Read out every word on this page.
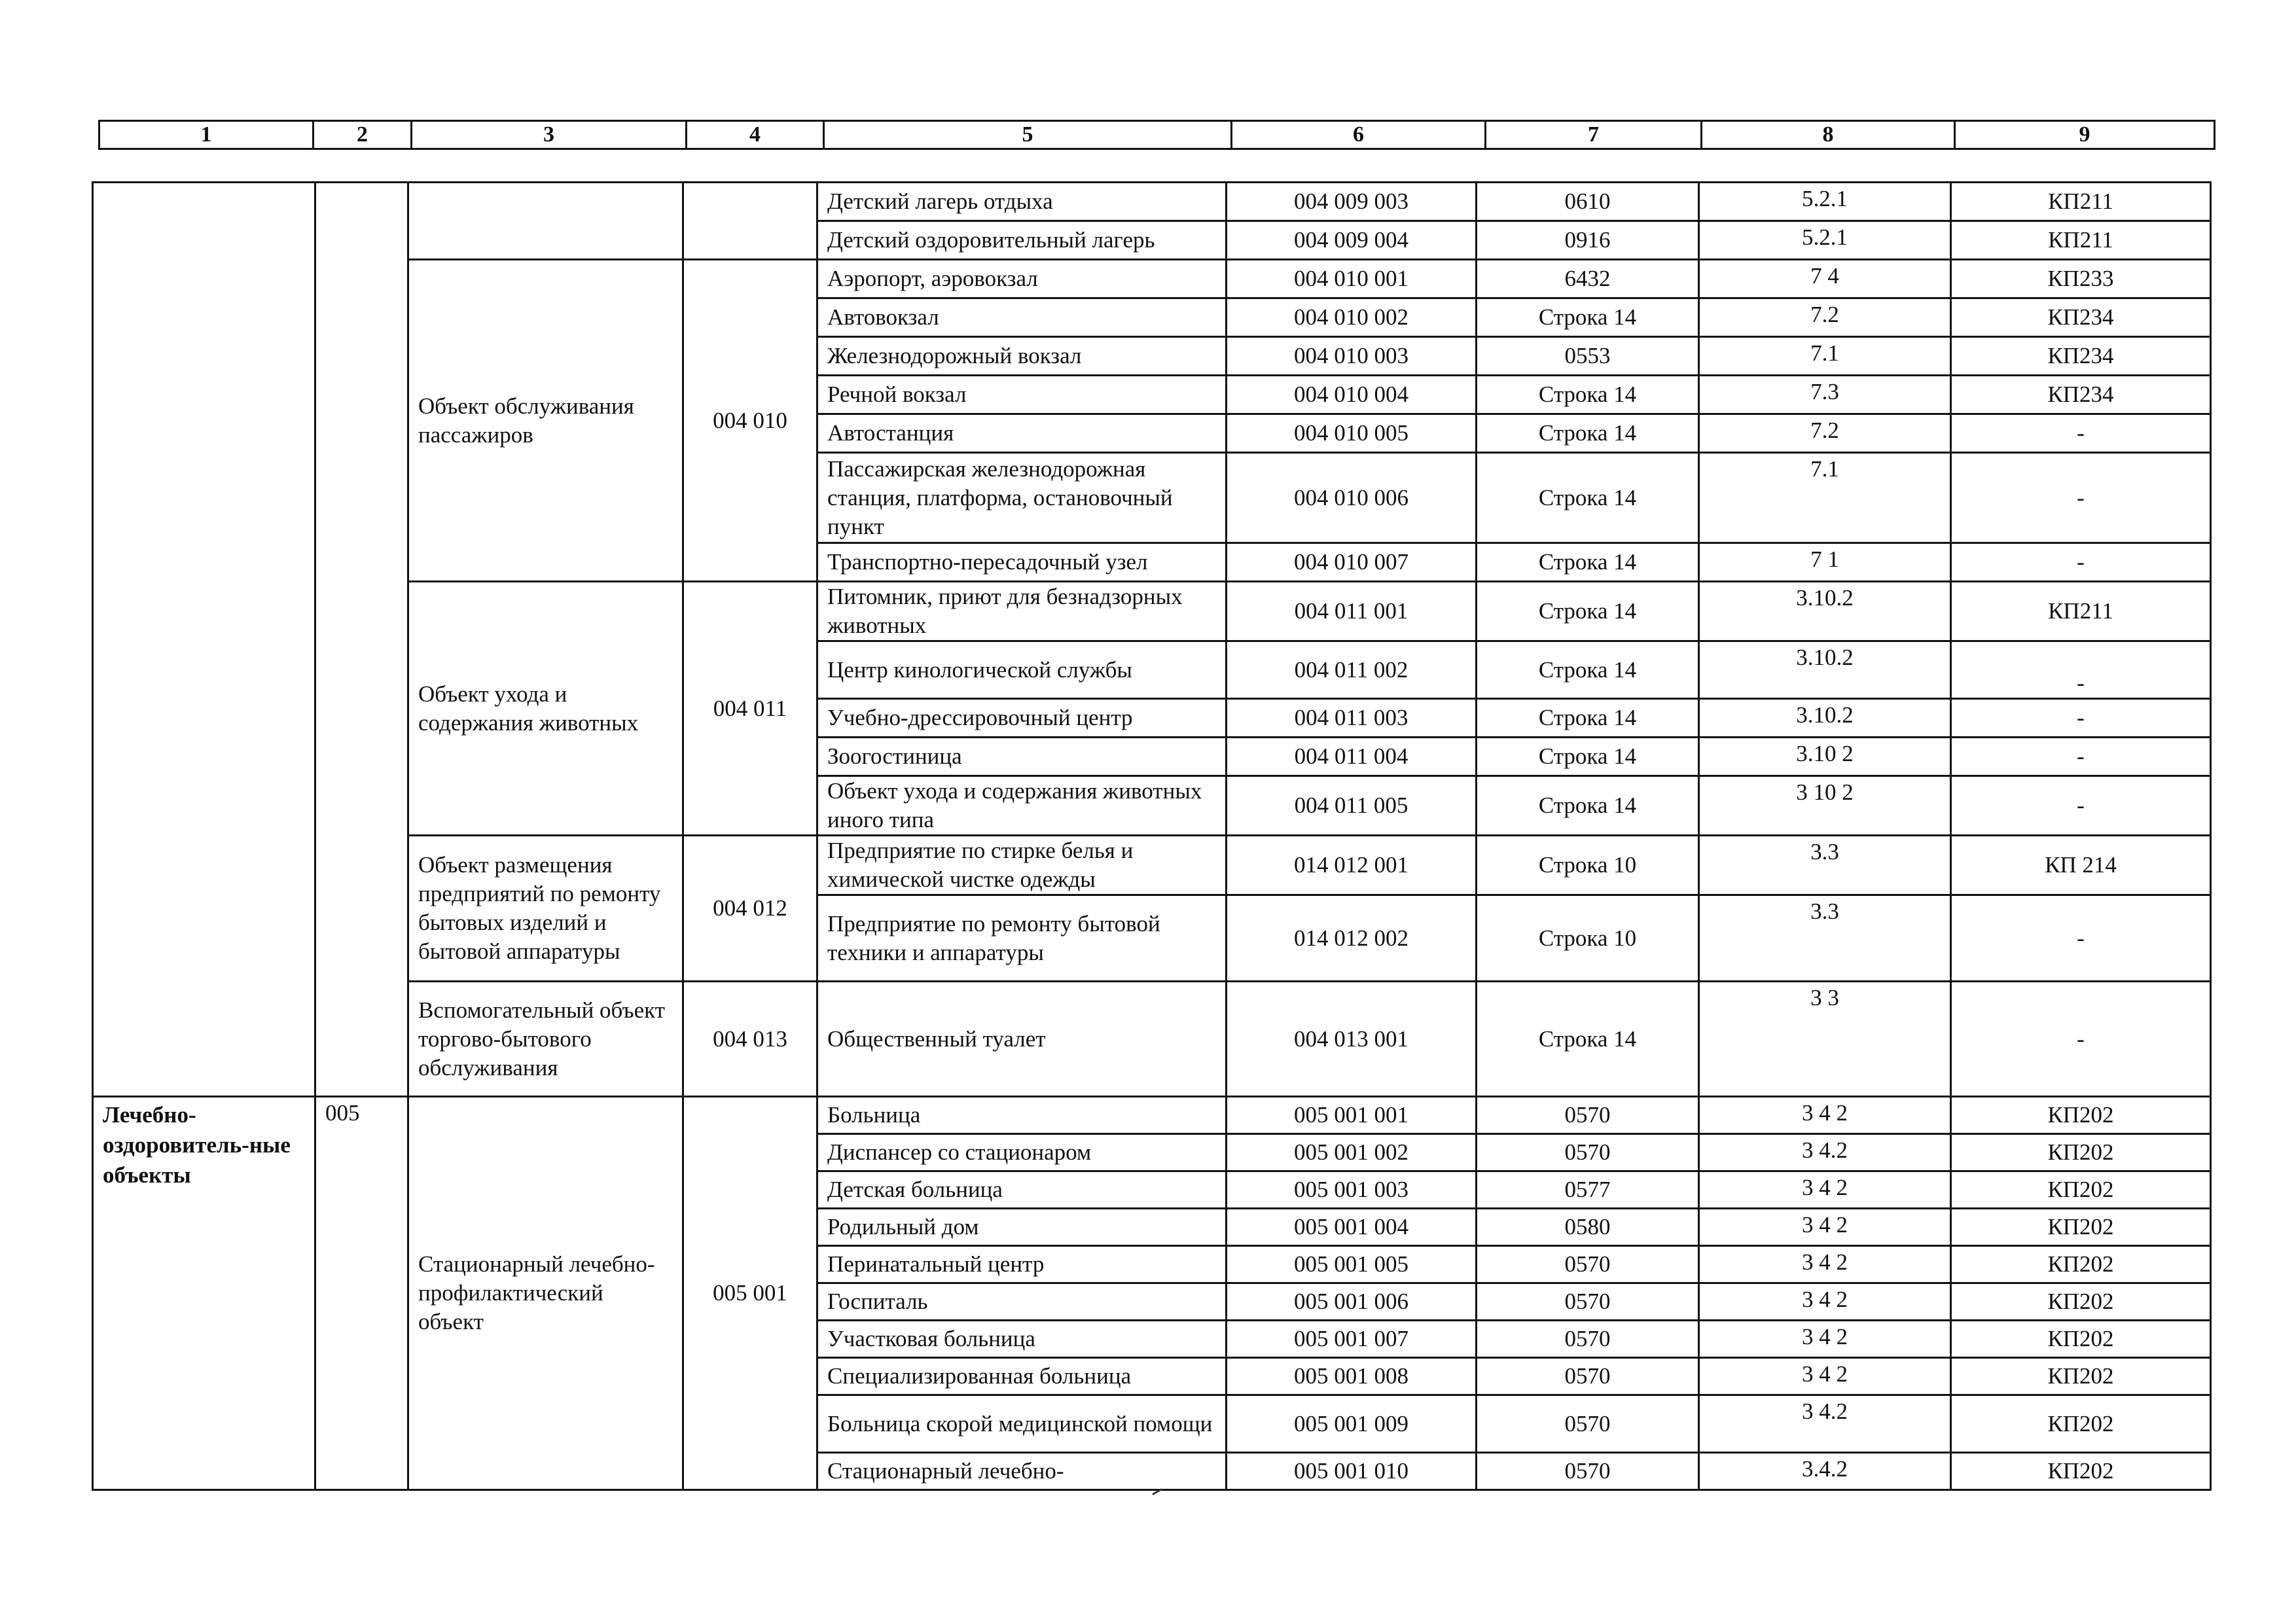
1	2	3	4	5	6	7	8	9
				Детский лагерь отдыха	004 009 003	0610	5.2.1	КП211
				Детский оздоровительный лагерь	004 009 004	0916	5.2.1	КП211
		Объект обслуживания пассажиров	004 010	Аэропорт, аэровокзал	004 010 001	6432	7 4	КП233
				Автовокзал	004 010 002	Строка 14	7.2	КП234
				Железнодорожный вокзал	004 010 003	0553	7.1	КП234
				Речной вокзал	004 010 004	Строка 14	7.3	КП234
				Автостанция	004 010 005	Строка 14	7.2	-
				Пассажирская железнодорожная станция, платформа, остановочный пункт	004 010 006	Строка 14	7.1	-
				Транспортно-пересадочный узел	004 010 007	Строка 14	7 1	-
		Объект ухода и содержания животных	004 011	Питомник, приют для безнадзорных животных	004 011 001	Строка 14	3.10.2	КП211
				Центр кинологической службы	004 011 002	Строка 14	3.10.2	-
				Учебно-дрессировочный центр	004 011 003	Строка 14	3.10.2	-
				Зоогостиница	004 011 004	Строка 14	3.10 2	-
				Объект ухода и содержания животных иного типа	004 011 005	Строка 14	3 10 2	-
		Объект размещения предприятий по ремонту бытовых изделий и бытовой аппаратуры	004 012	Предприятие по стирке белья и химической чистке одежды	014 012 001	Строка 10	3.3	КП 214
				Предприятие по ремонту бытовой техники и аппаратуры	014 012 002	Строка 10	3.3	-
		Вспомогательный объект торгово-бытового обслуживания	004 013	Общественный туалет	004 013 001	Строка 14	3 3	-
Лечебно-оздоровитель-ные объекты	005	Стационарный лечебно-профилактический объект	005 001	Больница	005 001 001	0570	3 4 2	КП202
				Диспансер со стационаром	005 001 002	0570	3 4.2	КП202
				Детская больница	005 001 003	0577	3 4 2	КП202
				Родильный дом	005 001 004	0580	3 4 2	КП202
				Перинатальный центр	005 001 005	0570	3 4 2	КП202
				Госпиталь	005 001 006	0570	3 4 2	КП202
				Участковая больница	005 001 007	0570	3 4 2	КП202
				Специализированная больница	005 001 008	0570	3 4 2	КП202
				Больница скорой медицинской помощи	005 001 009	0570	3 4.2	КП202
				Стационарный лечебно-	005 001 010	0570	3.4.2	КП202
